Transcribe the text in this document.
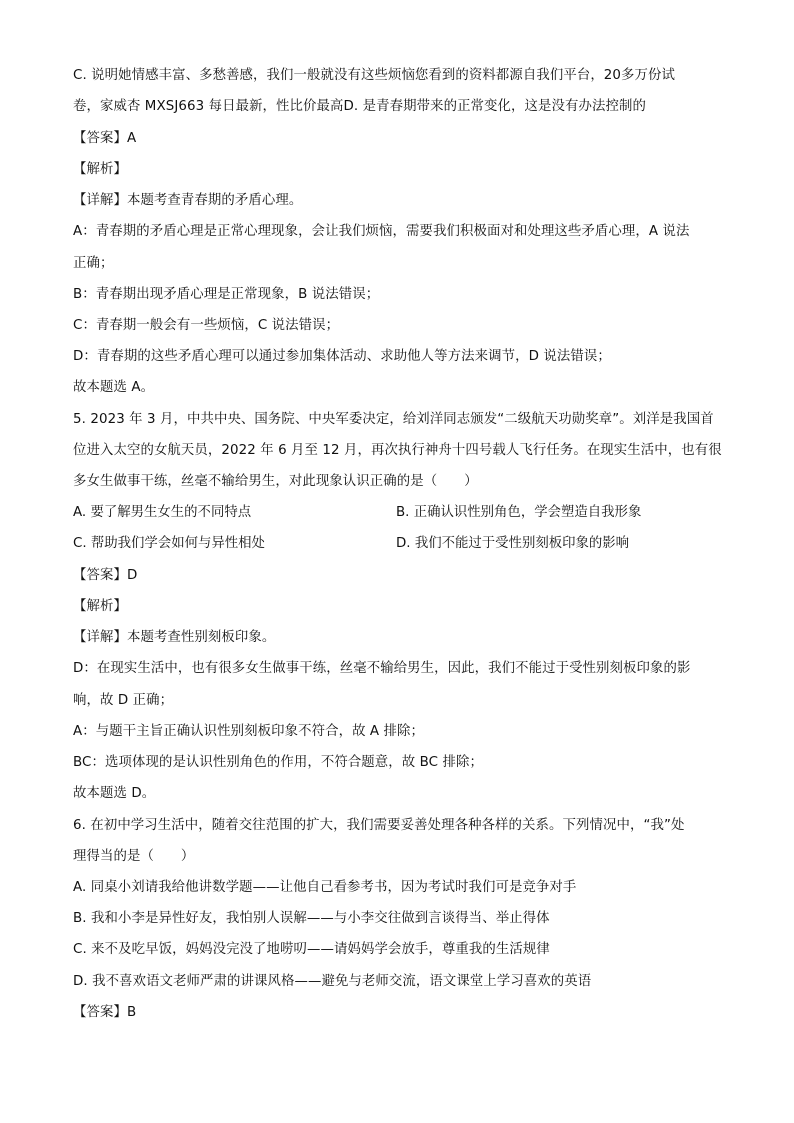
C. 说明她情感丰富、多愁善感，我们一般就没有这些烦恼您看到的资料都源自我们平台，20多万份试
卷，家威杏 MXSJ663 每日最新，性比价最高D. 是青春期带来的正常变化，这是没有办法控制的
【答案】A
【解析】
【详解】本题考查青春期的矛盾心理。
A：青春期的矛盾心理是正常心理现象，会让我们烦恼，需要我们积极面对和处理这些矛盾心理，A 说法
正确；
B：青春期出现矛盾心理是正常现象，B 说法错误；
C：青春期一般会有一些烦恼，C 说法错误；
D：青春期的这些矛盾心理可以通过参加集体活动、求助他人等方法来调节，D 说法错误；
故本题选 A。
5. 2023 年 3 月，中共中央、国务院、中央军委决定，给刘洋同志颁发“二级航天功勋奖章”。刘洋是我国首
位进入太空的女航天员，2022 年 6 月至 12 月，再次执行神舟十四号载人飞行任务。在现实生活中，也有很
多女生做事干练，丝毫不输给男生，对此现象认识正确的是（　　）
A. 要了解男生女生的不同特点	B. 正确认识性别角色，学会塑造自我形象
C. 帮助我们学会如何与异性相处	D. 我们不能过于受性别刻板印象的影响
【答案】D
【解析】
【详解】本题考查性别刻板印象。
D：在现实生活中，也有很多女生做事干练，丝毫不输给男生，因此，我们不能过于受性别刻板印象的影
响，故 D 正确；
A：与题干主旨正确认识性别刻板印象不符合，故 A 排除；
BC：选项体现的是认识性别角色的作用，不符合题意，故 BC 排除；
故本题选 D。
6. 在初中学习生活中，随着交往范围的扩大，我们需要妥善处理各种各样的关系。下列情况中，“我”处
理得当的是（　　）
A. 同桌小刘请我给他讲数学题——让他自己看参考书，因为考试时我们可是竞争对手
B. 我和小李是异性好友，我怕别人误解——与小李交往做到言谈得当、举止得体
C. 来不及吃早饭，妈妈没完没了地唠叨——请妈妈学会放手，尊重我的生活规律
D. 我不喜欢语文老师严肃的讲课风格——避免与老师交流，语文课堂上学习喜欢的英语
【答案】B
